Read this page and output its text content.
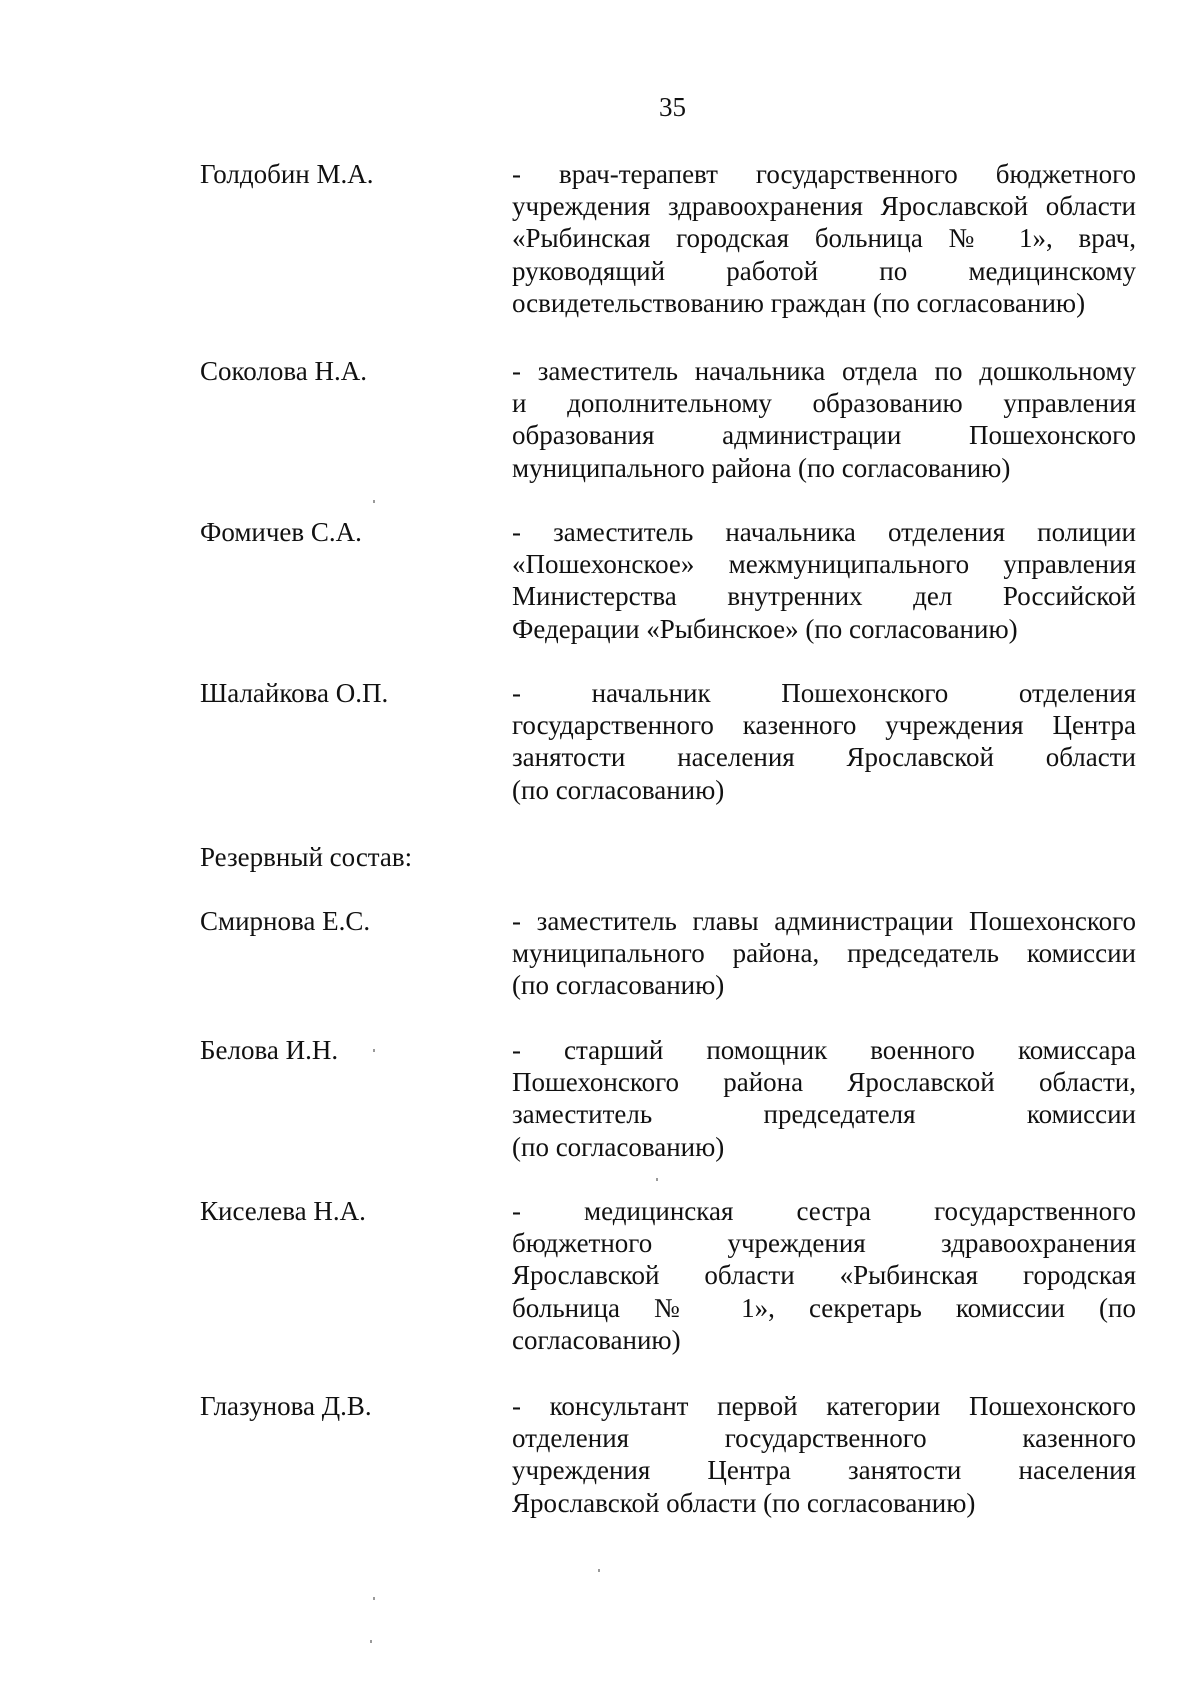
35
Голдобин М.А.	- врач-терапевт государственного бюджетного
учреждения здравоохранения Ярославской области
«Рыбинская городская больница № 1», врач,
руководящий работой по медицинскому
освидетельствованию граждан (по согласованию)
Соколова Н.А.	- заместитель начальника отдела по дошкольному
и дополнительному образованию управления
образования администрации Пошехонского
муниципального района (по согласованию)
Фомичев С.А.	- заместитель начальника отделения полиции
«Пошехонское» межмуниципального управления
Министерства внутренних дел Российской
Федерации «Рыбинское» (по согласованию)
Шалайкова О.П.	- начальник Пошехонского отделения
государственного казенного учреждения Центра
занятости населения Ярославской области
(по согласованию)
Резервный состав:
Смирнова Е.С.	- заместитель главы администрации Пошехонского
муниципального района, председатель комиссии
(по согласованию)
Белова И.Н.	- старший помощник военного комиссара
Пошехонского района Ярославской области,
заместитель председателя комиссии
(по согласованию)
Киселева Н.А.	- медицинская сестра государственного
бюджетного учреждения здравоохранения
Ярославской области «Рыбинская городская
больница № 1», секретарь комиссии (по
согласованию)
Глазунова Д.В.	- консультант первой категории Пошехонского
отделения государственного казенного
учреждения Центра занятости населения
Ярославской области (по согласованию)
